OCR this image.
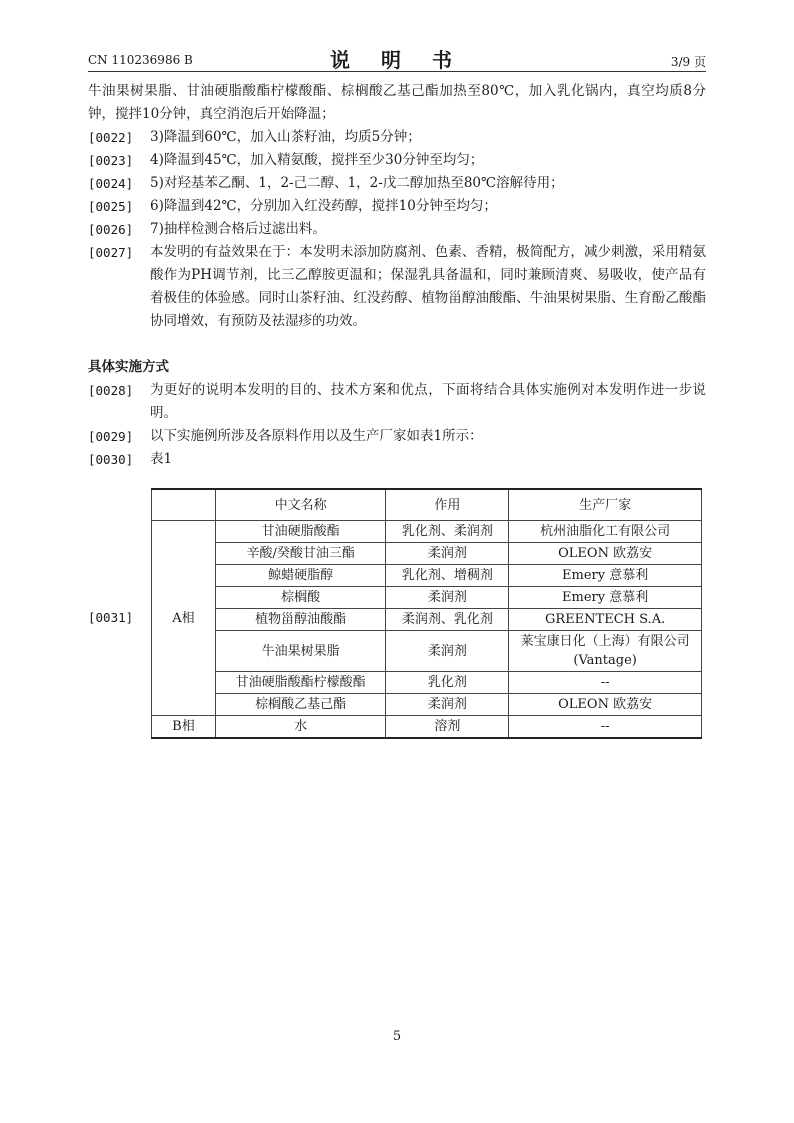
CN 110236986 B	说 明 书	3/9 页

牛油果树果脂、甘油硬脂酸酯柠檬酸酯、棕榈酸乙基己酯加热至80℃，加入乳化锅内，真空均质8分钟，搅拌10分钟，真空消泡后开始降温；

[0022]	3)降温到60℃，加入山茶籽油，均质5分钟；
[0023]	4)降温到45℃，加入精氨酸，搅拌至少30分钟至均匀；
[0024]	5)对羟基苯乙酮、1，2-己二醇、1，2-戊二醇加热至80℃溶解待用；
[0025]	6)降温到42℃，分别加入红没药醇，搅拌10分钟至均匀；
[0026]	7)抽样检测合格后过滤出料。
[0027]	本发明的有益效果在于：本发明未添加防腐剂、色素、香精，极简配方，减少刺激，采用精氨酸作为PH调节剂，比三乙醇胺更温和；保湿乳具备温和，同时兼顾清爽、易吸收，使产品有着极佳的体验感。同时山茶籽油、红没药醇、植物甾醇油酸酯、牛油果树果脂、生育酚乙酸酯协同增效，有预防及祛湿疹的功效。
具体实施方式
[0028]	为更好的说明本发明的目的、技术方案和优点，下面将结合具体实施例对本发明作进一步说明。
[0029]	以下实施例所涉及各原料作用以及生产厂家如表1所示：
[0030]	表1
[0031]
	中文名称	作用	生产厂家
A相	甘油硬脂酸酯	乳化剂、柔润剂	杭州油脂化工有限公司
	辛酸/癸酸甘油三酯	柔润剂	OLEON 欧荔安
	鲸蜡硬脂醇	乳化剂、增稠剂	Emery 意慕利
	棕榈酸	柔润剂	Emery 意慕利
	植物甾醇油酸酯	柔润剂、乳化剂	GREENTECH S.A.
	牛油果树果脂	柔润剂	莱宝康日化（上海）有限公司(Vantage)
	甘油硬脂酸酯柠檬酸酯	乳化剂	--
	棕榈酸乙基己酯	柔润剂	OLEON 欧荔安
B相	水	溶剂	--
5
